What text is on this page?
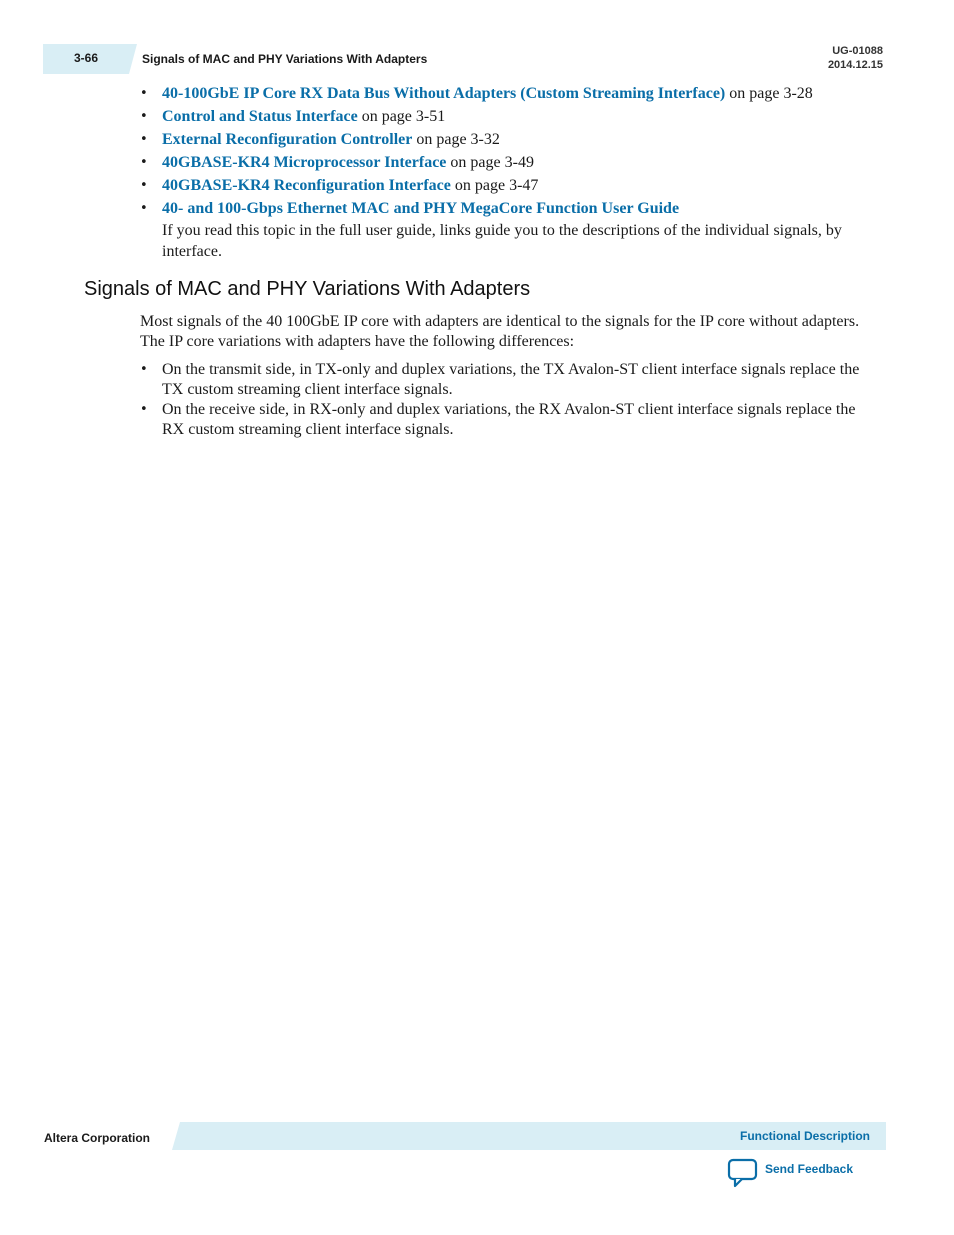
3-66	Signals of MAC and PHY Variations With Adapters
UG-01088
2014.12.15
• 40-100GbE IP Core RX Data Bus Without Adapters (Custom Streaming Interface) on page 3-28
• Control and Status Interface on page 3-51
• External Reconfiguration Controller on page 3-32
• 40GBASE-KR4 Microprocessor Interface on page 3-49
• 40GBASE-KR4 Reconfiguration Interface on page 3-47
• 40- and 100-Gbps Ethernet MAC and PHY MegaCore Function User Guide
If you read this topic in the full user guide, links guide you to the descriptions of the individual signals, by interface.
Signals of MAC and PHY Variations With Adapters

Most signals of the 40 100GbE IP core with adapters are identical to the signals for the IP core without adapters. The IP core variations with adapters have the following differences:

• On the transmit side, in TX-only and duplex variations, the TX Avalon-ST client interface signals replace the TX custom streaming client interface signals.
• On the receive side, in RX-only and duplex variations, the RX Avalon-ST client interface signals replace the RX custom streaming client interface signals.
Altera Corporation	Functional Description
Send Feedback
